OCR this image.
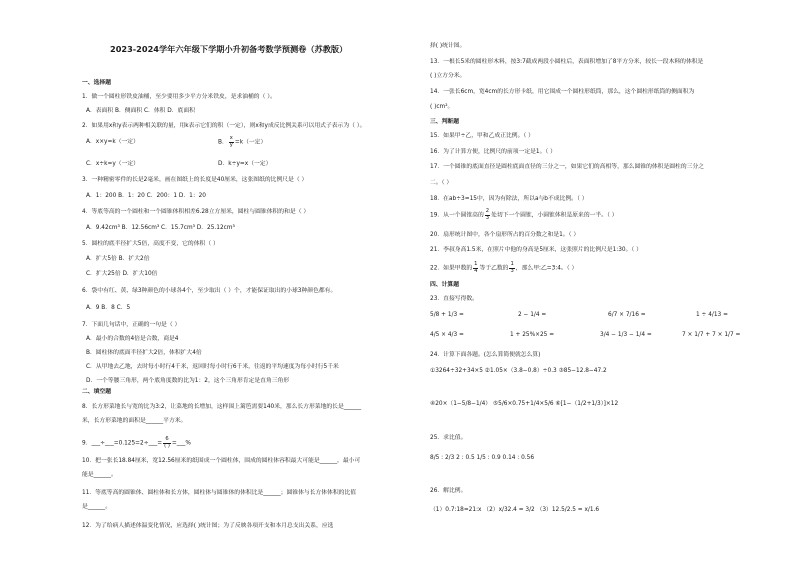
2023-2024学年六年级下学期小升初备考数学预测卷（苏教版）
一、选择题
1．做一个圆柱形铁皮油桶，至少要用多少平方分米铁皮，是求油桶的（ ）。
A．表面积 B．侧面积 C．体积 D．底面积
2．如果用x和y表示两种相关联的量，用k表示它们的积（一定），则x和y成反比例关系可以用式子表示为（ ）。
A．x×y=k（一定）	B． $\frac{x}{y} =k$（一定）
C．x÷k=y（一定）	D．k÷y=x（一定）
3．一种精密零件的长是2毫米，画在图纸上的长度是40厘米，这张图纸的比例尺是（ ）
A．1：200 B．1：20 C．200：1 D．1：20
4．等底等高的一个圆柱和一个圆锥体积相差6.28立方厘米，圆柱与圆锥体积的和是（ ）
A．9.42cm³ B．12.56cm³ C．15.7cm³ D．25.12cm³
5．圆柱的底半径扩大5倍，高度不变，它的体积（ ）
A．扩大5倍 B．扩大2倍
C．扩大25倍 D．扩大10倍
6．袋中有红、黄、绿3种颜色的小球各4个，至少取出（ ）个，才能保证取出的小球3种颜色都有。
A．9 B．8 C．5
7．下面几句话中，正确的一句是（ ）
A．最小的合数的4倍是合数，商是4
B．圆柱体的底面半径扩大2倍，体积扩大4倍
C．从甲地去乙地，去时每小时行4千米，返回时每小时行6千米，往返的平均速度为每小时行5千米
D．一个等腰三角形，两个底角度数的比为1：2，这个三角形肯定是直角三角形
二、填空题
8．长方形菜地长与宽的比为3:2，让菜地的长增加，这样围上篱笆需要140米，那么长方形菜地的长是______
米，长方形菜地的面积是______平方米。
9．___÷___=0.125=2÷___= $\frac{6}{( )}$ =___%
10．把一张长18.84厘米，宽12.56厘米的纸围成一个圆柱体，围成的圆柱体容积最大可能是______，最小可
能是______。
11．等底等高的圆锥体、圆柱体和长方体，圆柱体与圆锥体的体积比是______；圆锥体与长方体体积的比值
是______。
12．为了给病人描述体温变化情况，应选择( )统计图；为了反映各项开支和本月总支出关系，应选
择( )统计图。
13．一根长5米的圆柱形木料，按3:7截成两段小圆柱后，表面积增加了8平方分米，较长一段木料的体积是
( )立方分米。
14．一张长6cm，宽4cm的长方形卡纸，用它围成一个圆柱形纸筒，那么，这个圆柱形纸筒的侧面积为
( )cm²。
三、判断题
15．如果甲÷乙，甲和乙成正比例。（ ）
16．为了计算方便，比例尺的前项一定是1。（ ）
17．一个圆锥的底面直径是圆柱底面直径的三分之一，如果它们的高相等，那么圆锥的体积是圆柱的三分之
二。（ ）
18．在ab÷3=15中，因为有除法，所以a与b不成比例。（ ）
19．从一个圆锥高的 $\frac{2}{3}$ 处切下一个圆锥，小圆锥体积是原来的一半。（ ）
20．扇形统计图中，各个扇形所占的百分数之和是1。（ ）
21．李叔身高1.5米，在照片中他的身高是5厘米，这张照片的比例尺是1:30。（ ）
22．如果甲数的 $\frac{1}{4}$ 等于乙数的 $\frac{1}{3}$ ，那么甲:乙=3:4。（ ）
四、计算题
23．直接写得数。
5/8 + 1/3 =	2 − 1/4 =	6/7 × 7/16 =	1 ÷ 4/13 =
4/5 × 4/3 =	1 + 25%×25 =	3/4 − 1/3 − 1/4 =	7 × 1/7 + 7 × 1/7 =
24．计算下面各题。(怎么算简便就怎么算)
①3264÷32+34×5 ②1.05×（3.8−0.8）÷0.3 ③85−12.8−47.2
④20×（1−5/8−1/4） ⑤5/6×0.75+1/4×5/6 ⑥[1−（1/2+1/3）]×12
25．求比值。
8/5 : 2/3 2 : 0.5 1/5 : 0.9 0.14 : 0.56
26．解比例。
（1）0.7:18=21:x （2）x/32.4 = 3/2 （3）12.5/2.5 = x/1.6
